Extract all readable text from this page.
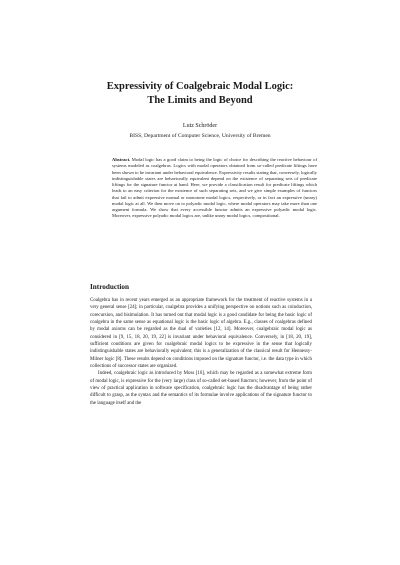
Expressivity of Coalgebraic Modal Logic:
The Limits and Beyond
Lutz Schröder
BISS, Department of Computer Science, University of Bremen
Abstract. Modal logic has a good claim to being the logic of choice for describing the reactive behaviour of systems modeled as coalgebras. Logics with modal operators obtained from so-called predicate liftings have been shown to be invariant under behavioral equivalence. Expressivity results stating that, conversely, logically indistinguishable states are behaviorally equivalent depend on the existence of separating sets of predicate liftings for the signature functor at hand. Here, we provide a classification result for predicate liftings which leads to an easy criterion for the existence of such separating sets, and we give simple examples of functors that fail to admit expressive normal or monotone modal logics, respectively, or in fact an expressive (unary) modal logic at all. We then move on to polyadic modal logic, where modal operators may take more than one argument formula. We show that every accessible functor admits an expressive polyadic modal logic. Moreover, expressive polyadic modal logics are, unlike unary modal logics, compositional.
Introduction

Coalgebra has in recent years emerged as an appropriate framework for the treatment of reactive systems in a very general sense [24]; in particular, coalgebra provides a unifying perspective on notions such as coinduction, corecursion, and bisimulation. It has turned out that modal logic is a good candidate for being the basic logic of coalgebra in the same sense as equational logic is the basic logic of algebra. E.g., classes of coalgebras defined by modal axioms can be regarded as the dual of varieties [12, 14]. Moreover, coalgebraic modal logic as considered in [9, 15, 18, 20, 19, 22] is invariant under behavioral equivalence. Conversely, in [18, 20, 19], sufficient conditions are given for coalgebraic modal logics to be expressive in the sense that logically indistinguishable states are behaviorally equivalent; this is a generalization of the classical result for Hennessy-Milner logic [8]. These results depend on conditions imposed on the signature functor, i.e. the data type in which collections of successor states are organized.

Indeed, coalgebraic logic as introduced by Moss [16], which may be regarded as a somewhat extreme form of modal logic, is expressive for the (very large) class of so-called set-based functors; however, from the point of view of practical application in software specification, coalgebraic logic has the disadvantage of being rather difficult to grasp, as the syntax and the semantics of its formulae involve applications of the signature functor to the language itself and the
